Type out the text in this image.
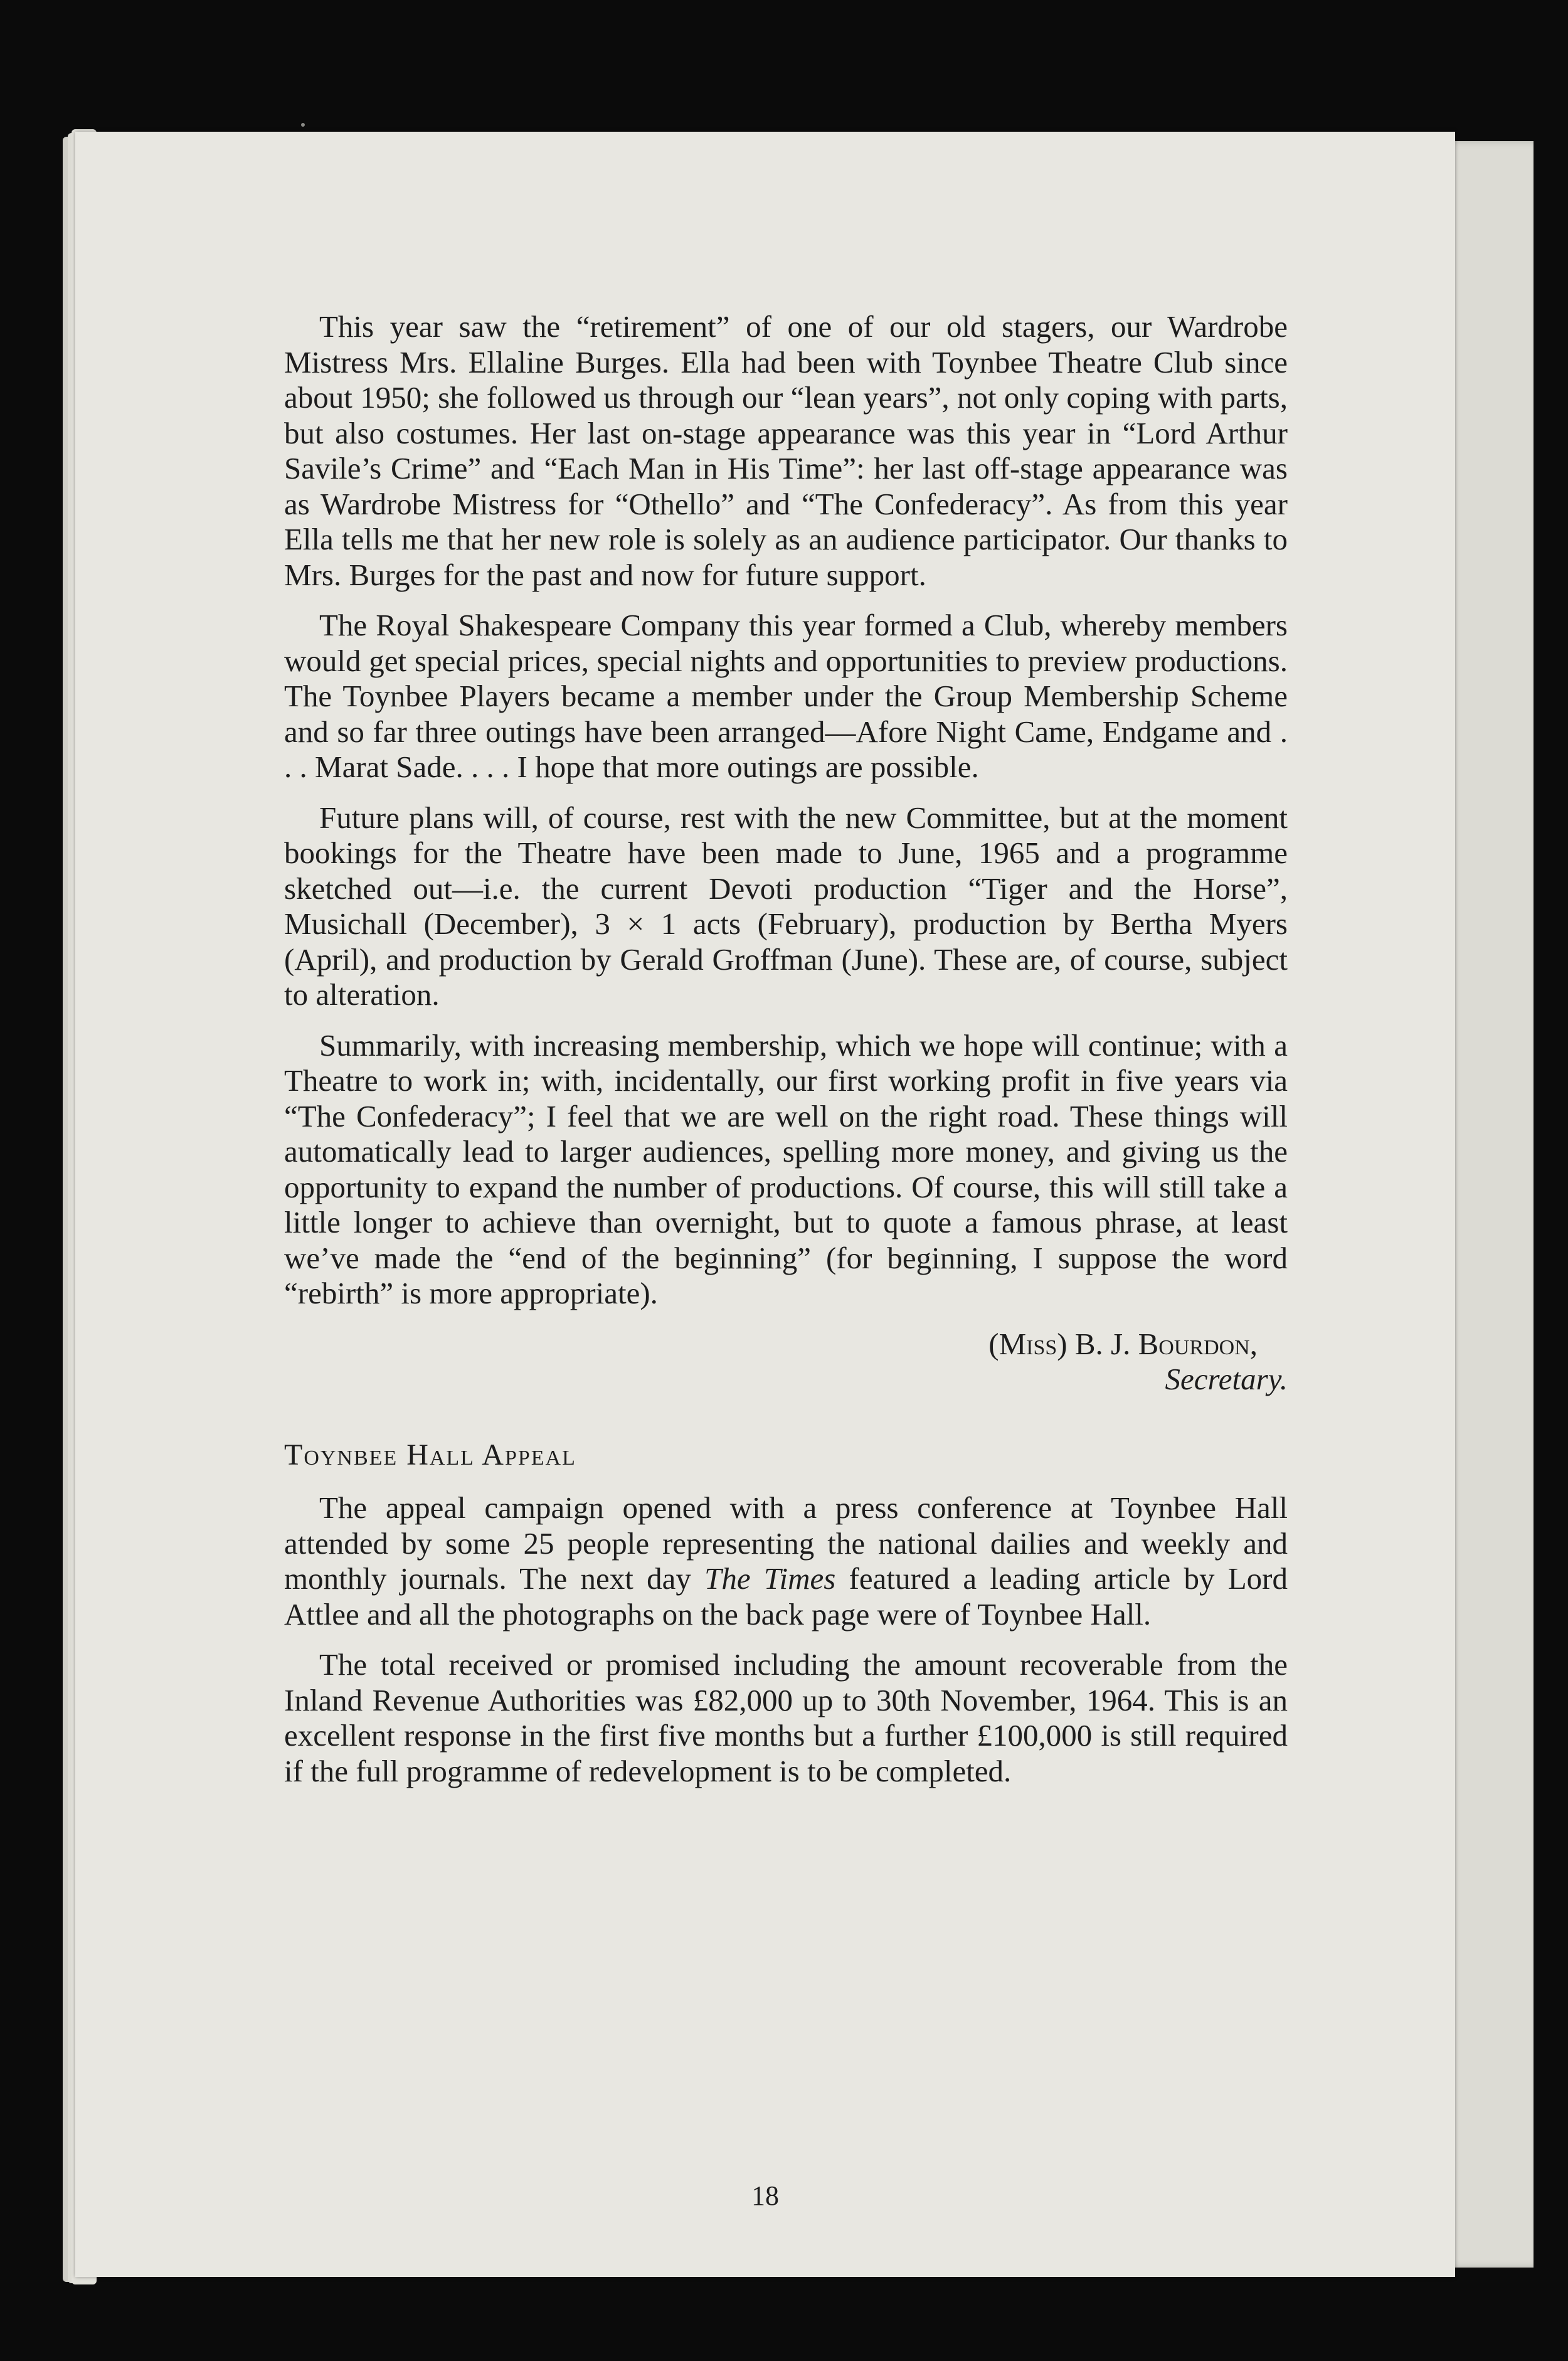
This year saw the “retirement” of one of our old stagers, our Wardrobe Mistress Mrs. Ellaline Burges. Ella had been with Toynbee Theatre Club since about 1950; she followed us through our “lean years”, not only coping with parts, but also costumes. Her last on-stage appearance was this year in “Lord Arthur Savile’s Crime” and “Each Man in His Time”: her last off-stage appearance was as Wardrobe Mistress for “Othello” and “The Confederacy”. As from this year Ella tells me that her new role is solely as an audience participator. Our thanks to Mrs. Burges for the past and now for future support.

The Royal Shakespeare Company this year formed a Club, whereby members would get special prices, special nights and opportunities to preview productions. The Toynbee Players became a member under the Group Membership Scheme and so far three outings have been arranged—Afore Night Came, Endgame and . . . Marat Sade. . . . I hope that more outings are possible.

Future plans will, of course, rest with the new Committee, but at the moment bookings for the Theatre have been made to June, 1965 and a programme sketched out—i.e. the current Devoti production “Tiger and the Horse”, Musichall (December), 3 × 1 acts (February), production by Bertha Myers (April), and production by Gerald Groffman (June). These are, of course, subject to alteration.

Summarily, with increasing membership, which we hope will continue; with a Theatre to work in; with, incidentally, our first working profit in five years via “The Confederacy”; I feel that we are well on the right road. These things will automatically lead to larger audiences, spelling more money, and giving us the opportunity to expand the number of productions. Of course, this will still take a little longer to achieve than overnight, but to quote a famous phrase, at least we’ve made the “end of the beginning” (for beginning, I suppose the word “rebirth” is more appropriate).

(Miss) B. J. Bourdon,
Secretary.
Toynbee Hall Appeal

The appeal campaign opened with a press conference at Toynbee Hall attended by some 25 people representing the national dailies and weekly and monthly journals. The next day The Times featured a leading article by Lord Attlee and all the photographs on the back page were of Toynbee Hall.

The total received or promised including the amount recoverable from the Inland Revenue Authorities was £82,000 up to 30th November, 1964. This is an excellent response in the first five months but a further £100,000 is still required if the full programme of redevelopment is to be completed.

18
